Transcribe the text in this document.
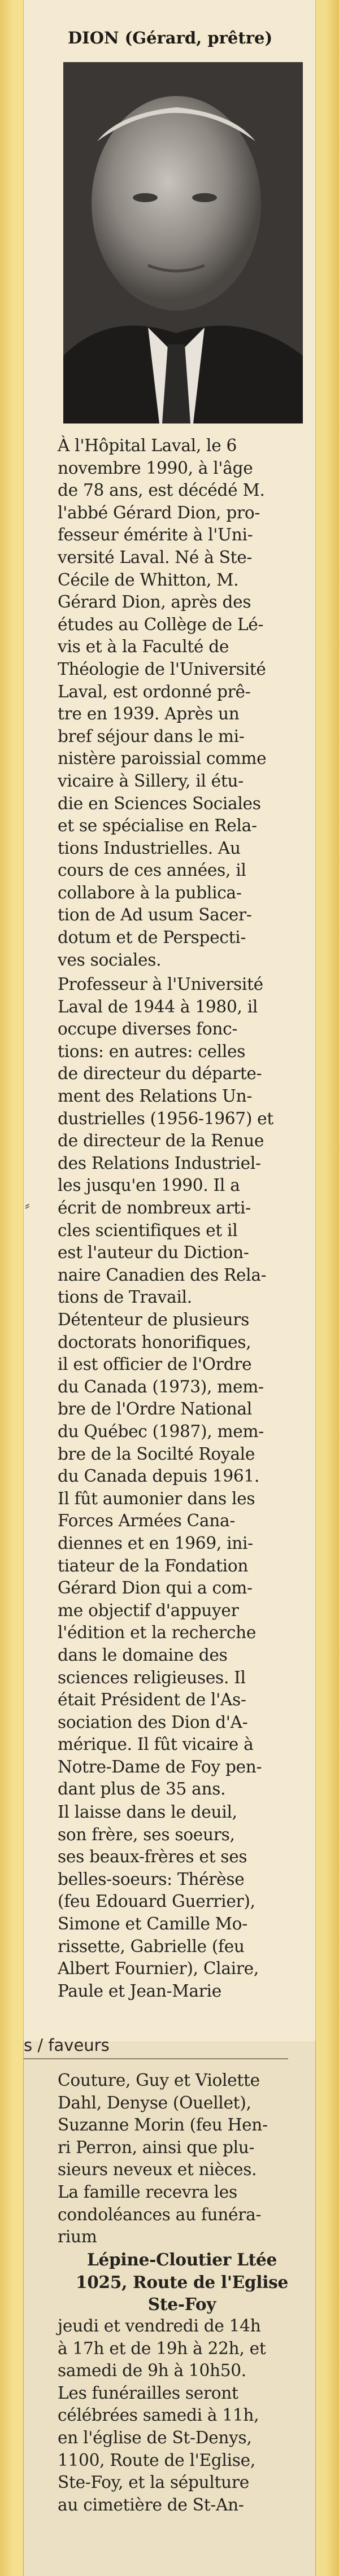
DION (Gérard, prêtre)
À l'Hôpital Laval, le 6
novembre 1990, à l'âge
de 78 ans, est décédé M.
l'abbé Gérard Dion, pro-
fesseur émérite à l'Uni-
versité Laval. Né à Ste-
Cécile de Whitton, M.
Gérard Dion, après des
études au Collège de Lé-
vis et à la Faculté de
Théologie de l'Université
Laval, est ordonné prê-
tre en 1939. Après un
bref séjour dans le mi-
nistère paroissial comme
vicaire à Sillery, il étu-
die en Sciences Sociales
et se spécialise en Rela-
tions Industrielles. Au
cours de ces années, il
collabore à la publica-
tion de Ad usum Sacer-
dotum et de Perspecti-
ves sociales.
Professeur à l'Université
Laval de 1944 à 1980, il
occupe diverses fonc-
tions: en autres: celles
de directeur du départe-
ment des Relations Un-
dustrielles (1956-1967) et
de directeur de la Renue
des Relations Industriel-
les jusqu'en 1990. Il a
écrit de nombreux arti-
cles scientifiques et il
est l'auteur du Diction-
naire Canadien des Rela-
tions de Travail.
Détenteur de plusieurs
doctorats honorifiques,
il est officier de l'Ordre
du Canada (1973), mem-
bre de l'Ordre National
du Québec (1987), mem-
bre de la Socilté Royale
du Canada depuis 1961.
Il fût aumonier dans les
Forces Armées Cana-
diennes et en 1969, ini-
tiateur de la Fondation
Gérard Dion qui a com-
me objectif d'appuyer
l'édition et la recherche
dans le domaine des
sciences religieuses. Il
était Président de l'As-
sociation des Dion d'A-
mérique. Il fût vicaire à
Notre-Dame de Foy pen-
dant plus de 35 ans.
Il laisse dans le deuil,
son frère, ses soeurs,
ses beaux-frères et ses
belles-soeurs: Thérèse
(feu Edouard Guerrier),
Simone et Camille Mo-
rissette, Gabrielle (feu
Albert Fournier), Claire,
Paule et Jean-Marie
⸗
s / faveurs
Couture, Guy et Violette
Dahl, Denyse (Ouellet),
Suzanne Morin (feu Hen-
ri Perron, ainsi que plu-
sieurs neveux et nièces.
La famille recevra les
condoléances au funéra-
rium
Lépine-Cloutier Ltée
1025, Route de l'Eglise
Ste-Foy
jeudi et vendredi de 14h
à 17h et de 19h à 22h, et
samedi de 9h à 10h50.
Les funérailles seront
célébrées samedi à 11h,
en l'église de St-Denys,
1100, Route de l'Eglise,
Ste-Foy, et la sépulture
au cimetière de St-An-
